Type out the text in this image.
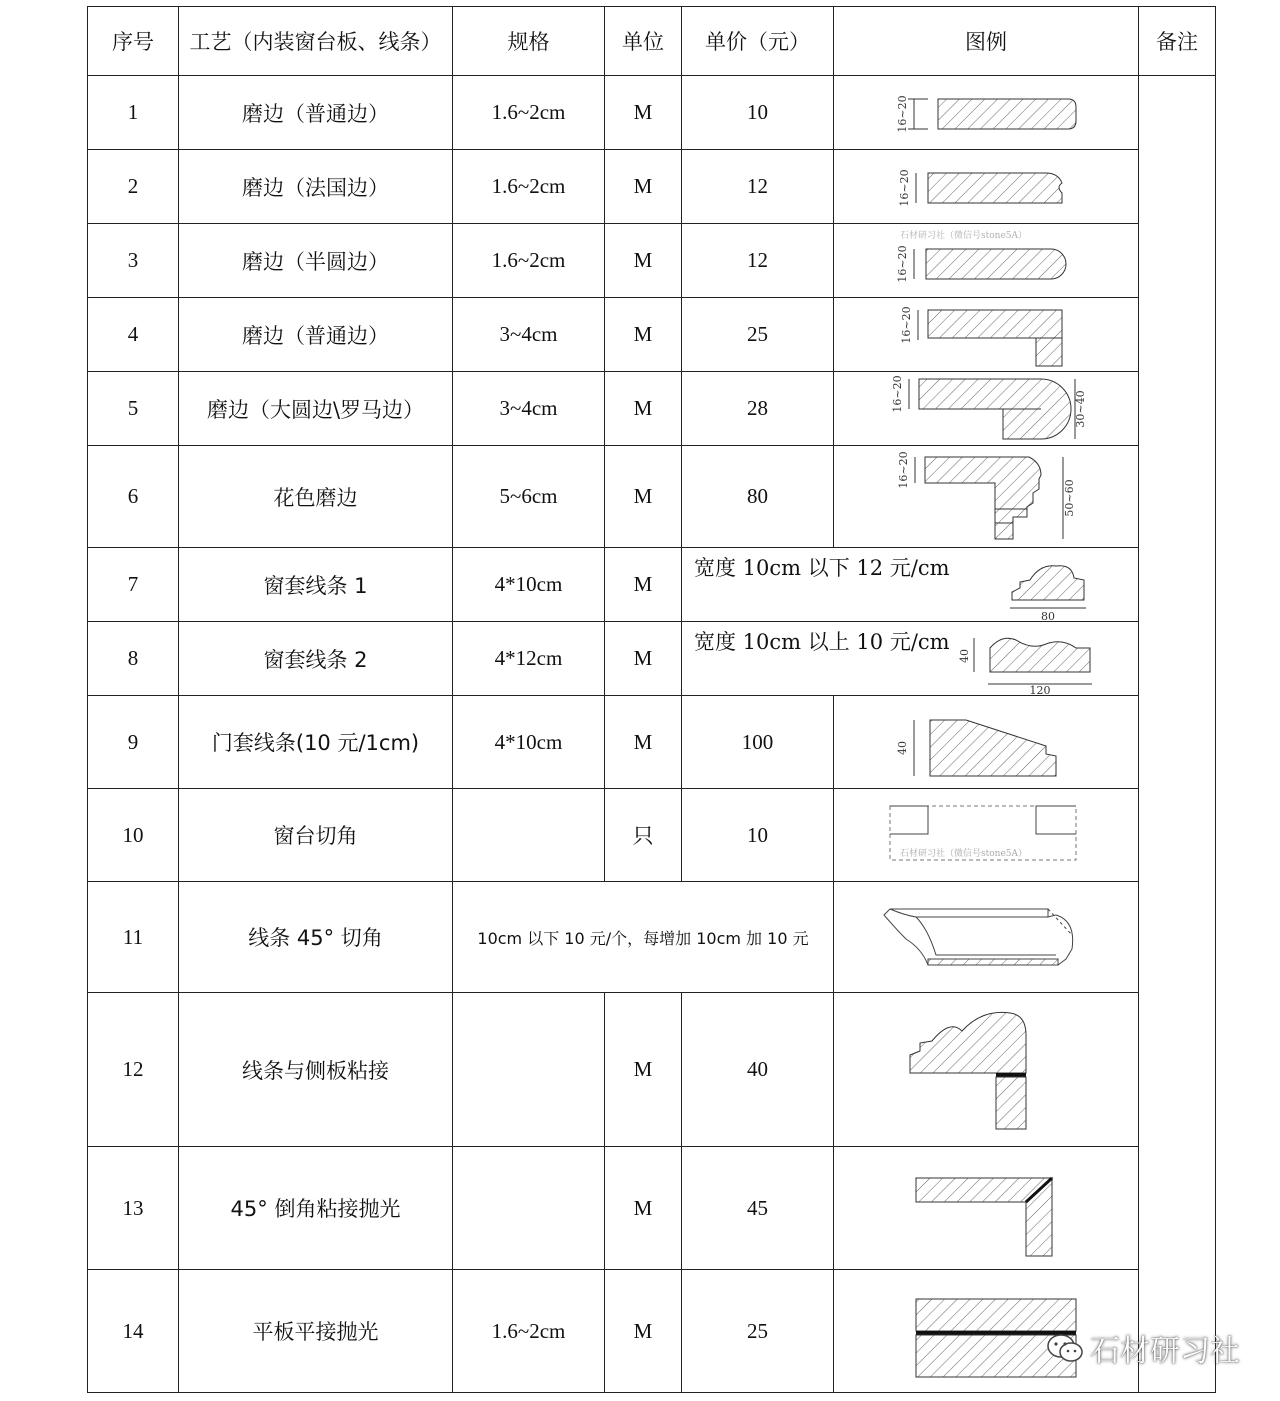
序号	工艺（内装窗台板、线条）	规格	单位	单价（元）	图例	备注
1	磨边（普通边）	1.6~2cm	M	10	16~20	

2	磨边（法国边）	1.6~2cm	M	12	16~20	

3	磨边（半圆边）	1.6~2cm	M	12	石材研习社（微信号stone5A）
16~20	

4	磨边（普通边）	3~4cm	M	25	16~20	

5	磨边（大圆边\罗马边）	3~4cm	M	28	16~20 30~40	

6	花色磨边	5~6cm	M	80	16~20
50~60	

7	窗套线条 1	4*10cm	M	宽度 10cm 以下 12 元/cm
80		

8	窗套线条 2	4*12cm	M	宽度 10cm 以上 10 元/cm
40
120		

9	门套线条(10 元/1cm)	4*10cm	M	100	40	

10	窗台切角		只	10	石材研习社（微信号stone5A）	

11	线条 45° 切角	10cm 以下 10 元/个，每增加 10cm 加 10 元	

12	线条与侧板粘接		M	40	

13	45° 倒角粘接抛光		M	45	

14	平板平接抛光	1.6~2cm	M	25	
石材研习社
